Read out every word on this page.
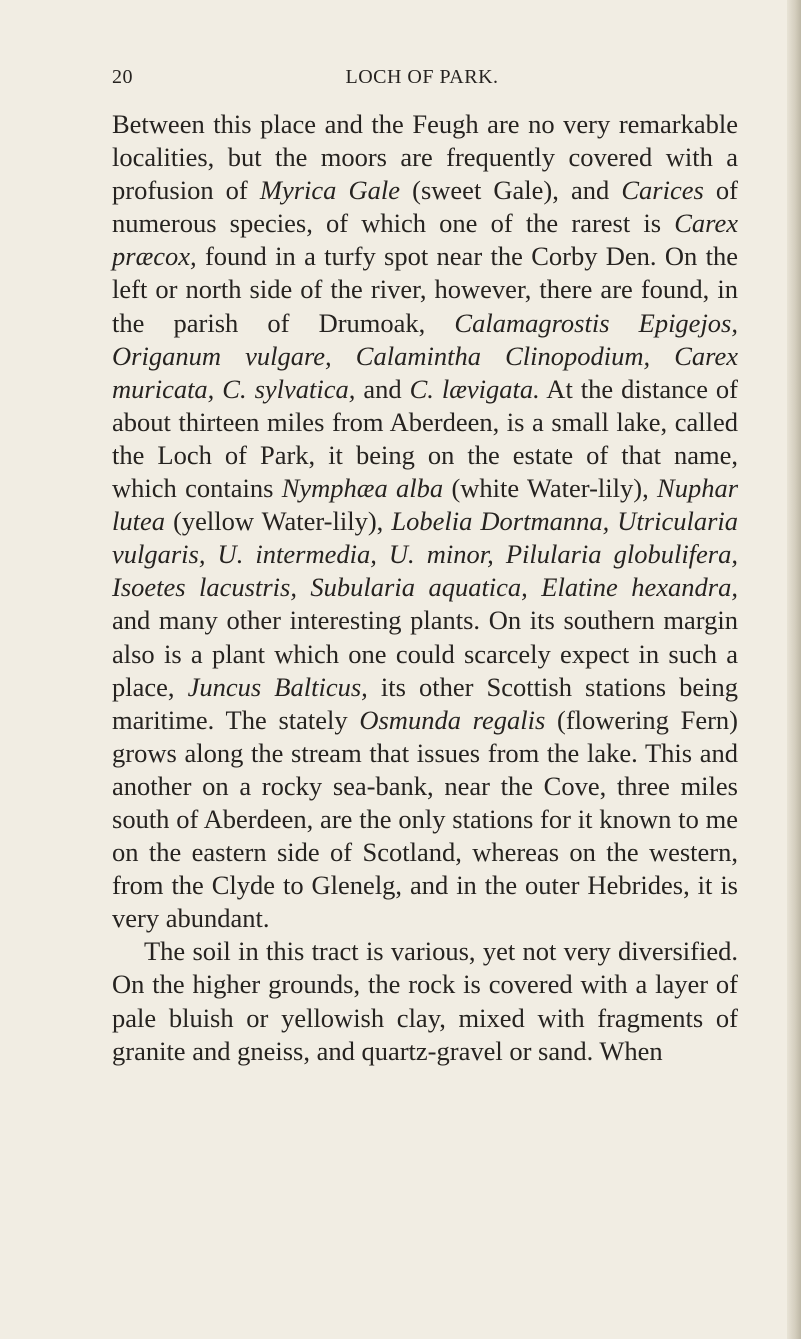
20	LOCH OF PARK.

Between this place and the Feugh are no very remarkable localities, but the moors are frequently covered with a profusion of Myrica Gale (sweet Gale), and Carices of numerous species, of which one of the rarest is Carex præcox, found in a turfy spot near the Corby Den. On the left or north side of the river, however, there are found, in the parish of Drumoak, Calamagrostis Epigejos, Origanum vulgare, Calamintha Clinopodium, Carex muricata, C. sylvatica, and C. lævigata. At the distance of about thirteen miles from Aberdeen, is a small lake, called the Loch of Park, it being on the estate of that name, which contains Nymphæa alba (white Water-lily), Nuphar lutea (yellow Water-lily), Lobelia Dortmanna, Utricularia vulgaris, U. intermedia, U. minor, Pilularia globulifera, Isoetes lacustris, Subularia aquatica, Elatine hexandra, and many other interesting plants. On its southern margin also is a plant which one could scarcely expect in such a place, Juncus Balticus, its other Scottish stations being maritime. The stately Osmunda regalis (flowering Fern) grows along the stream that issues from the lake. This and another on a rocky sea-bank, near the Cove, three miles south of Aberdeen, are the only stations for it known to me on the eastern side of Scotland, whereas on the western, from the Clyde to Glenelg, and in the outer Hebrides, it is very abundant.

The soil in this tract is various, yet not very diversified. On the higher grounds, the rock is covered with a layer of pale bluish or yellowish clay, mixed with fragments of granite and gneiss, and quartz-gravel or sand. When
